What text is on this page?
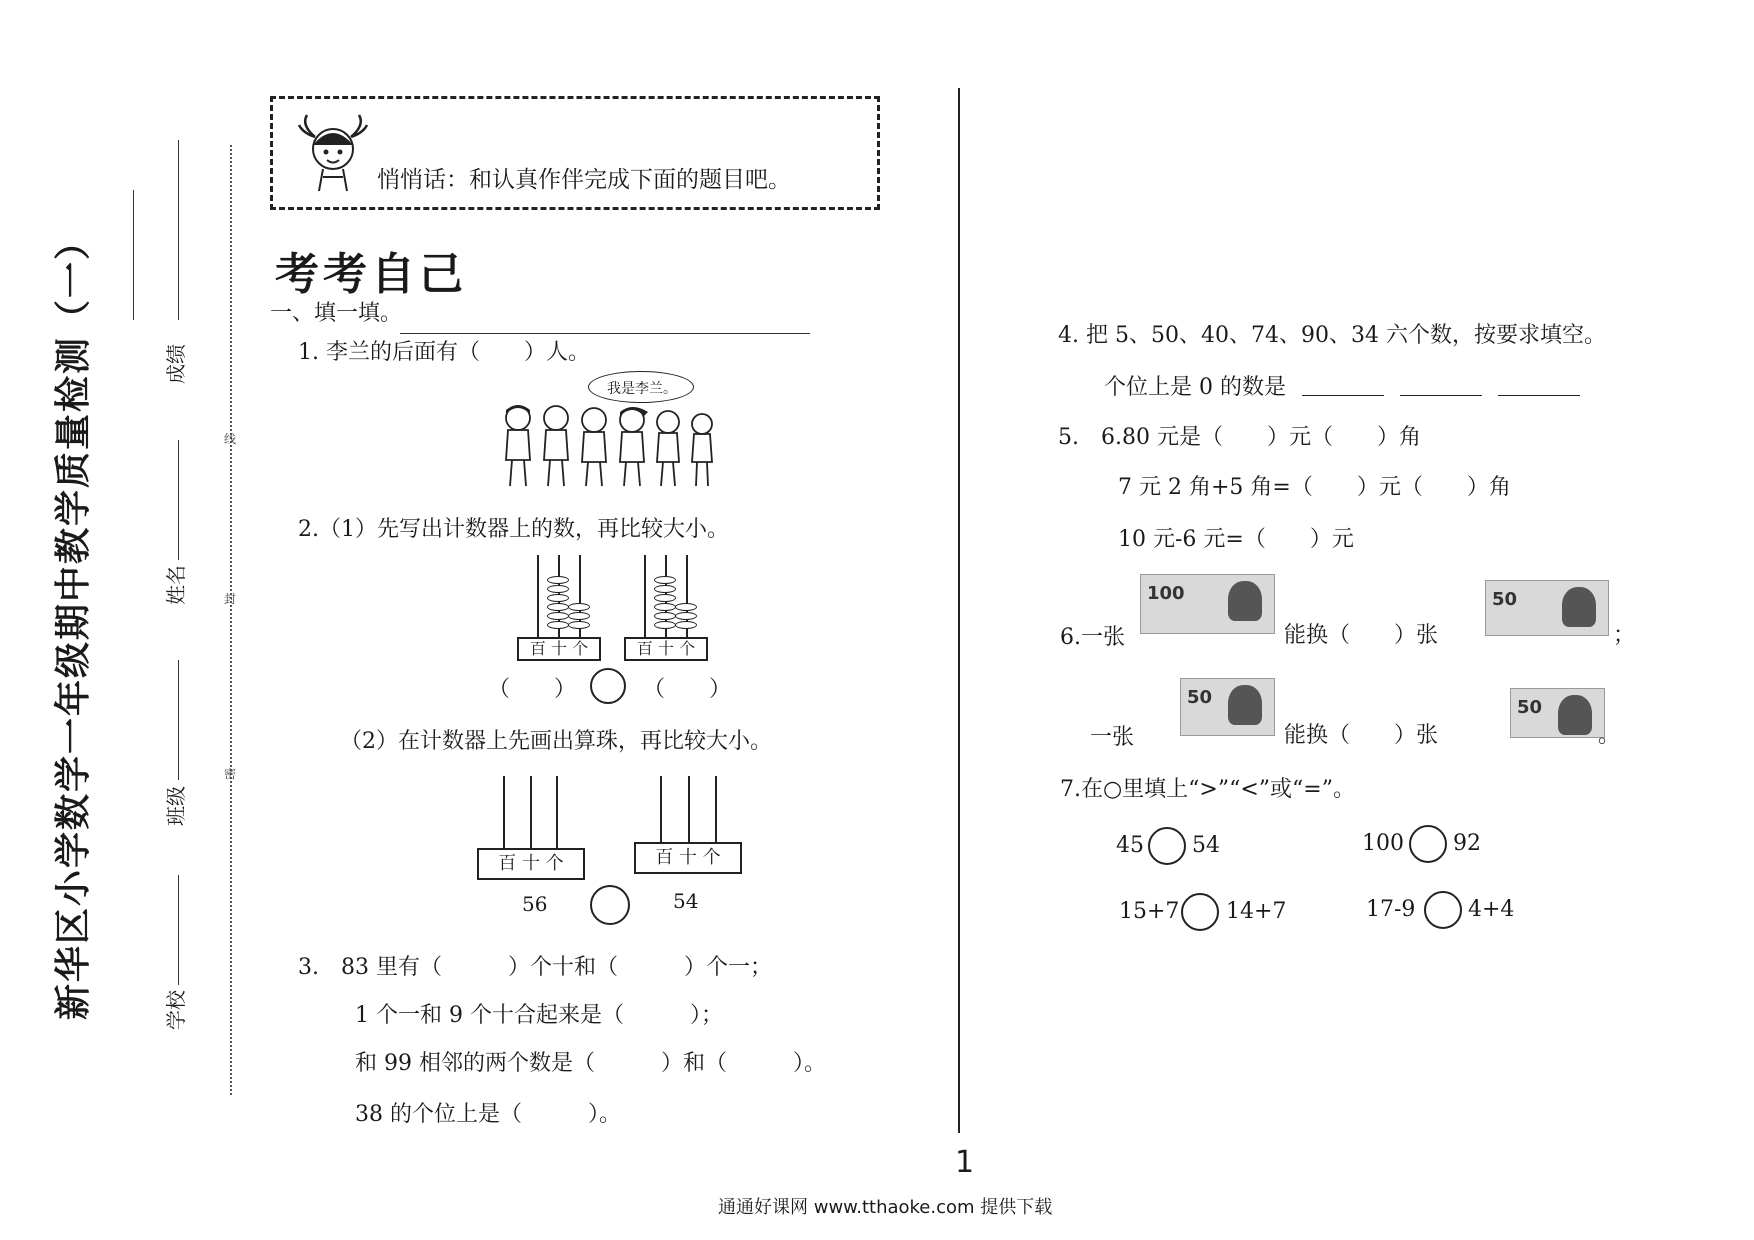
新华区小学数学一年级期中教学质量检测（一）	学校
班级
姓名
成绩
密
封
线
悄悄话：和认真作伴完成下面的题目吧。
考考自己
一、填一填。
1. 李兰的后面有（　　）人。
我是李兰。
2.（1）先写出计数器上的数，再比较大小。
百 十 个	百 十 个
（　　）	（　　）
（2）在计数器上先画出算珠，再比较大小。
百 十 个	百 十 个
56	54
3.　83 里有（　　　）个十和（　　　）个一；
1 个一和 9 个十合起来是（　　　）；
和 99 相邻的两个数是（　　　）和（　　　）。
38 的个位上是（　　　）。
4. 把 5、50、40、74、90、34 六个数，按要求填空。
个位上是 0 的数是
5.　6.80 元是（　　）元（　　）角
7 元 2 角+5 角=（　　）元（　　）角
10 元-6 元=（　　）元
6.一张
100
能换（　　）张
50
；
一张
50
能换（　　）张
50
。
7.在○里填上“>”“<”或“=”。
45 54	100 92
15+7 14+7	17-9 4+4
1
通通好课网 www.tthaoke.com 提供下载
